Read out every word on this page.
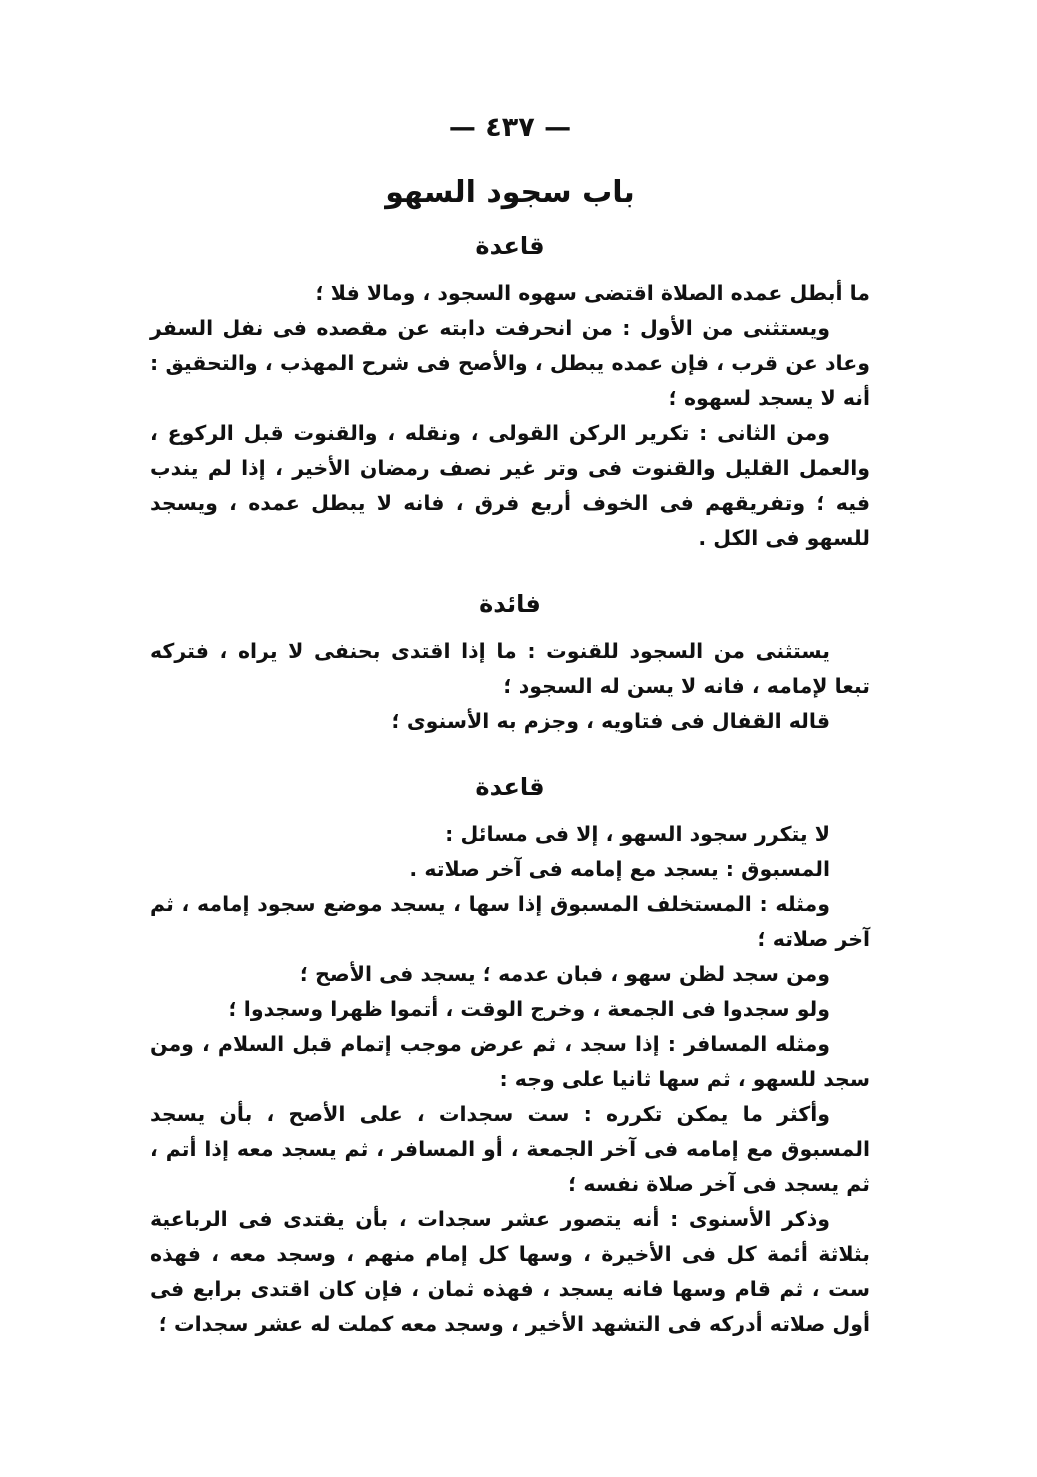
— ٤٣٧ —
باب سجود السهو
قاعدة

ما أبطل عمده الصلاة اقتضى سهوه السجود ، ومالا فلا ؛

ويستثنى من الأول : من انحرفت دابته عن مقصده فى نفل السفر وعاد عن قرب ، فإن عمده يبطل ، والأصح فى شرح المهذب ، والتحقيق : أنه لا يسجد لسهوه ؛

ومن الثانى : تكرير الركن القولى ، ونقله ، والقنوت قبل الركوع ، والعمل القليل والقنوت فى وتر غير نصف رمضان الأخير ، إذا لم يندب فيه ؛ وتفريقهم فى الخوف أربع فرق ، فانه لا يبطل عمده ، ويسجد للسهو فى الكل .

فائدة

يستثنى من السجود للقنوت : ما إذا اقتدى بحنفى لا يراه ، فتركه تبعا لإمامه ، فانه لا يسن له السجود ؛

قاله القفال فى فتاويه ، وجزم به الأسنوى ؛

قاعدة

لا يتكرر سجود السهو ، إلا فى مسائل :

المسبوق : يسجد مع إمامه فى آخر صلاته .

ومثله : المستخلف المسبوق إذا سها ، يسجد موضع سجود إمامه ، ثم آخر صلاته ؛

ومن سجد لظن سهو ، فبان عدمه ؛ يسجد فى الأصح ؛

ولو سجدوا فى الجمعة ، وخرج الوقت ، أتموا ظهرا وسجدوا ؛

ومثله المسافر : إذا سجد ، ثم عرض موجب إتمام قبل السلام ، ومن سجد للسهو ، ثم سها ثانيا على وجه :

وأكثر ما يمكن تكرره : ست سجدات ، على الأصح ، بأن يسجد المسبوق مع إمامه فى آخر الجمعة ، أو المسافر ، ثم يسجد معه إذا أتم ، ثم يسجد فى آخر صلاة نفسه ؛

وذكر الأسنوى : أنه يتصور عشر سجدات ، بأن يقتدى فى الرباعية بثلاثة أئمة كل فى الأخيرة ، وسها كل إمام منهم ، وسجد معه ، فهذه ست ، ثم قام وسها فانه يسجد ، فهذه ثمان ، فإن كان اقتدى برابع فى أول صلاته أدركه فى التشهد الأخير ، وسجد معه كملت له عشر سجدات ؛
